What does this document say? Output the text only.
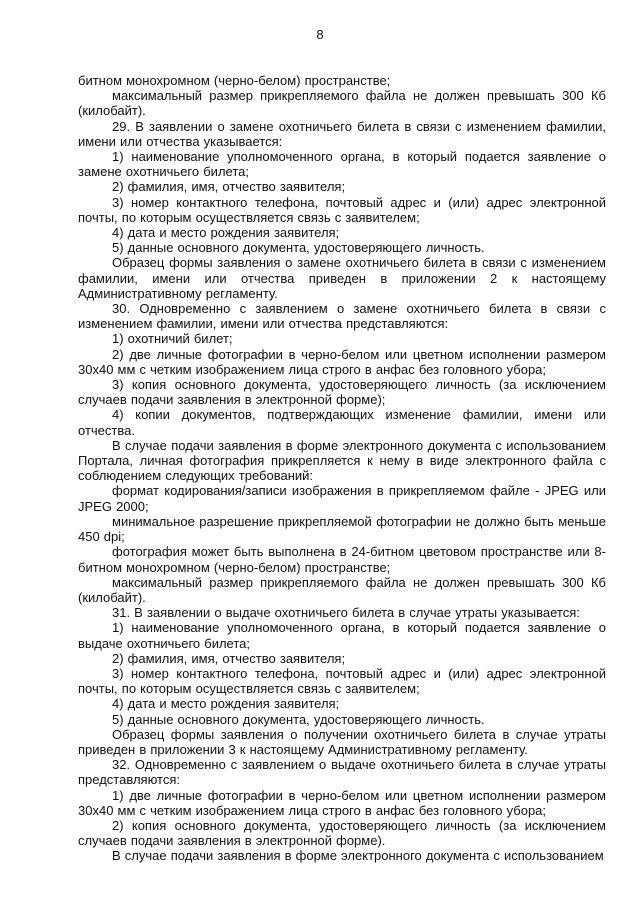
8

битном монохромном (черно-белом) пространстве;

максимальный размер прикрепляемого файла не должен превышать 300 Кб (килобайт).

29. В заявлении о замене охотничьего билета в связи с изменением фамилии, имени или отчества указывается:

1) наименование уполномоченного органа, в который подается заявление о замене охотничьего билета;

2) фамилия, имя, отчество заявителя;

3) номер контактного телефона, почтовый адрес и (или) адрес электронной почты, по которым осуществляется связь с заявителем;

4) дата и место рождения заявителя;

5) данные основного документа, удостоверяющего личность.

Образец формы заявления о замене охотничьего билета в связи с изменением фамилии, имени или отчества приведен в приложении 2 к настоящему Административному регламенту.

30. Одновременно с заявлением о замене охотничьего билета в связи с изменением фамилии, имени или отчества представляются:

1) охотничий билет;

2) две личные фотографии в черно-белом или цветном исполнении размером 30x40 мм с четким изображением лица строго в анфас без головного убора;

3) копия основного документа, удостоверяющего личность (за исключением случаев подачи заявления в электронной форме);

4) копии документов, подтверждающих изменение фамилии, имени или отчества.

В случае подачи заявления в форме электронного документа с использованием Портала, личная фотография прикрепляется к нему в виде электронного файла с соблюдением следующих требований:

формат кодирования/записи изображения в прикрепляемом файле - JPEG или JPEG 2000;

минимальное разрешение прикрепляемой фотографии не должно быть меньше 450 dpi;

фотография может быть выполнена в 24-битном цветовом пространстве или 8-битном монохромном (черно-белом) пространстве;

максимальный размер прикрепляемого файла не должен превышать 300 Кб (килобайт).

31. В заявлении о выдаче охотничьего билета в случае утраты указывается:

1) наименование уполномоченного органа, в который подается заявление о выдаче охотничьего билета;

2) фамилия, имя, отчество заявителя;

3) номер контактного телефона, почтовый адрес и (или) адрес электронной почты, по которым осуществляется связь с заявителем;

4) дата и место рождения заявителя;

5) данные основного документа, удостоверяющего личность.

Образец формы заявления о получении охотничьего билета в случае утраты приведен в приложении 3 к настоящему Административному регламенту.

32. Одновременно с заявлением о выдаче охотничьего билета в случае утраты представляются:

1) две личные фотографии в черно-белом или цветном исполнении размером 30x40 мм с четким изображением лица строго в анфас без головного убора;

2) копия основного документа, удостоверяющего личность (за исключением случаев подачи заявления в электронной форме).

В случае подачи заявления в форме электронного документа с использованием
